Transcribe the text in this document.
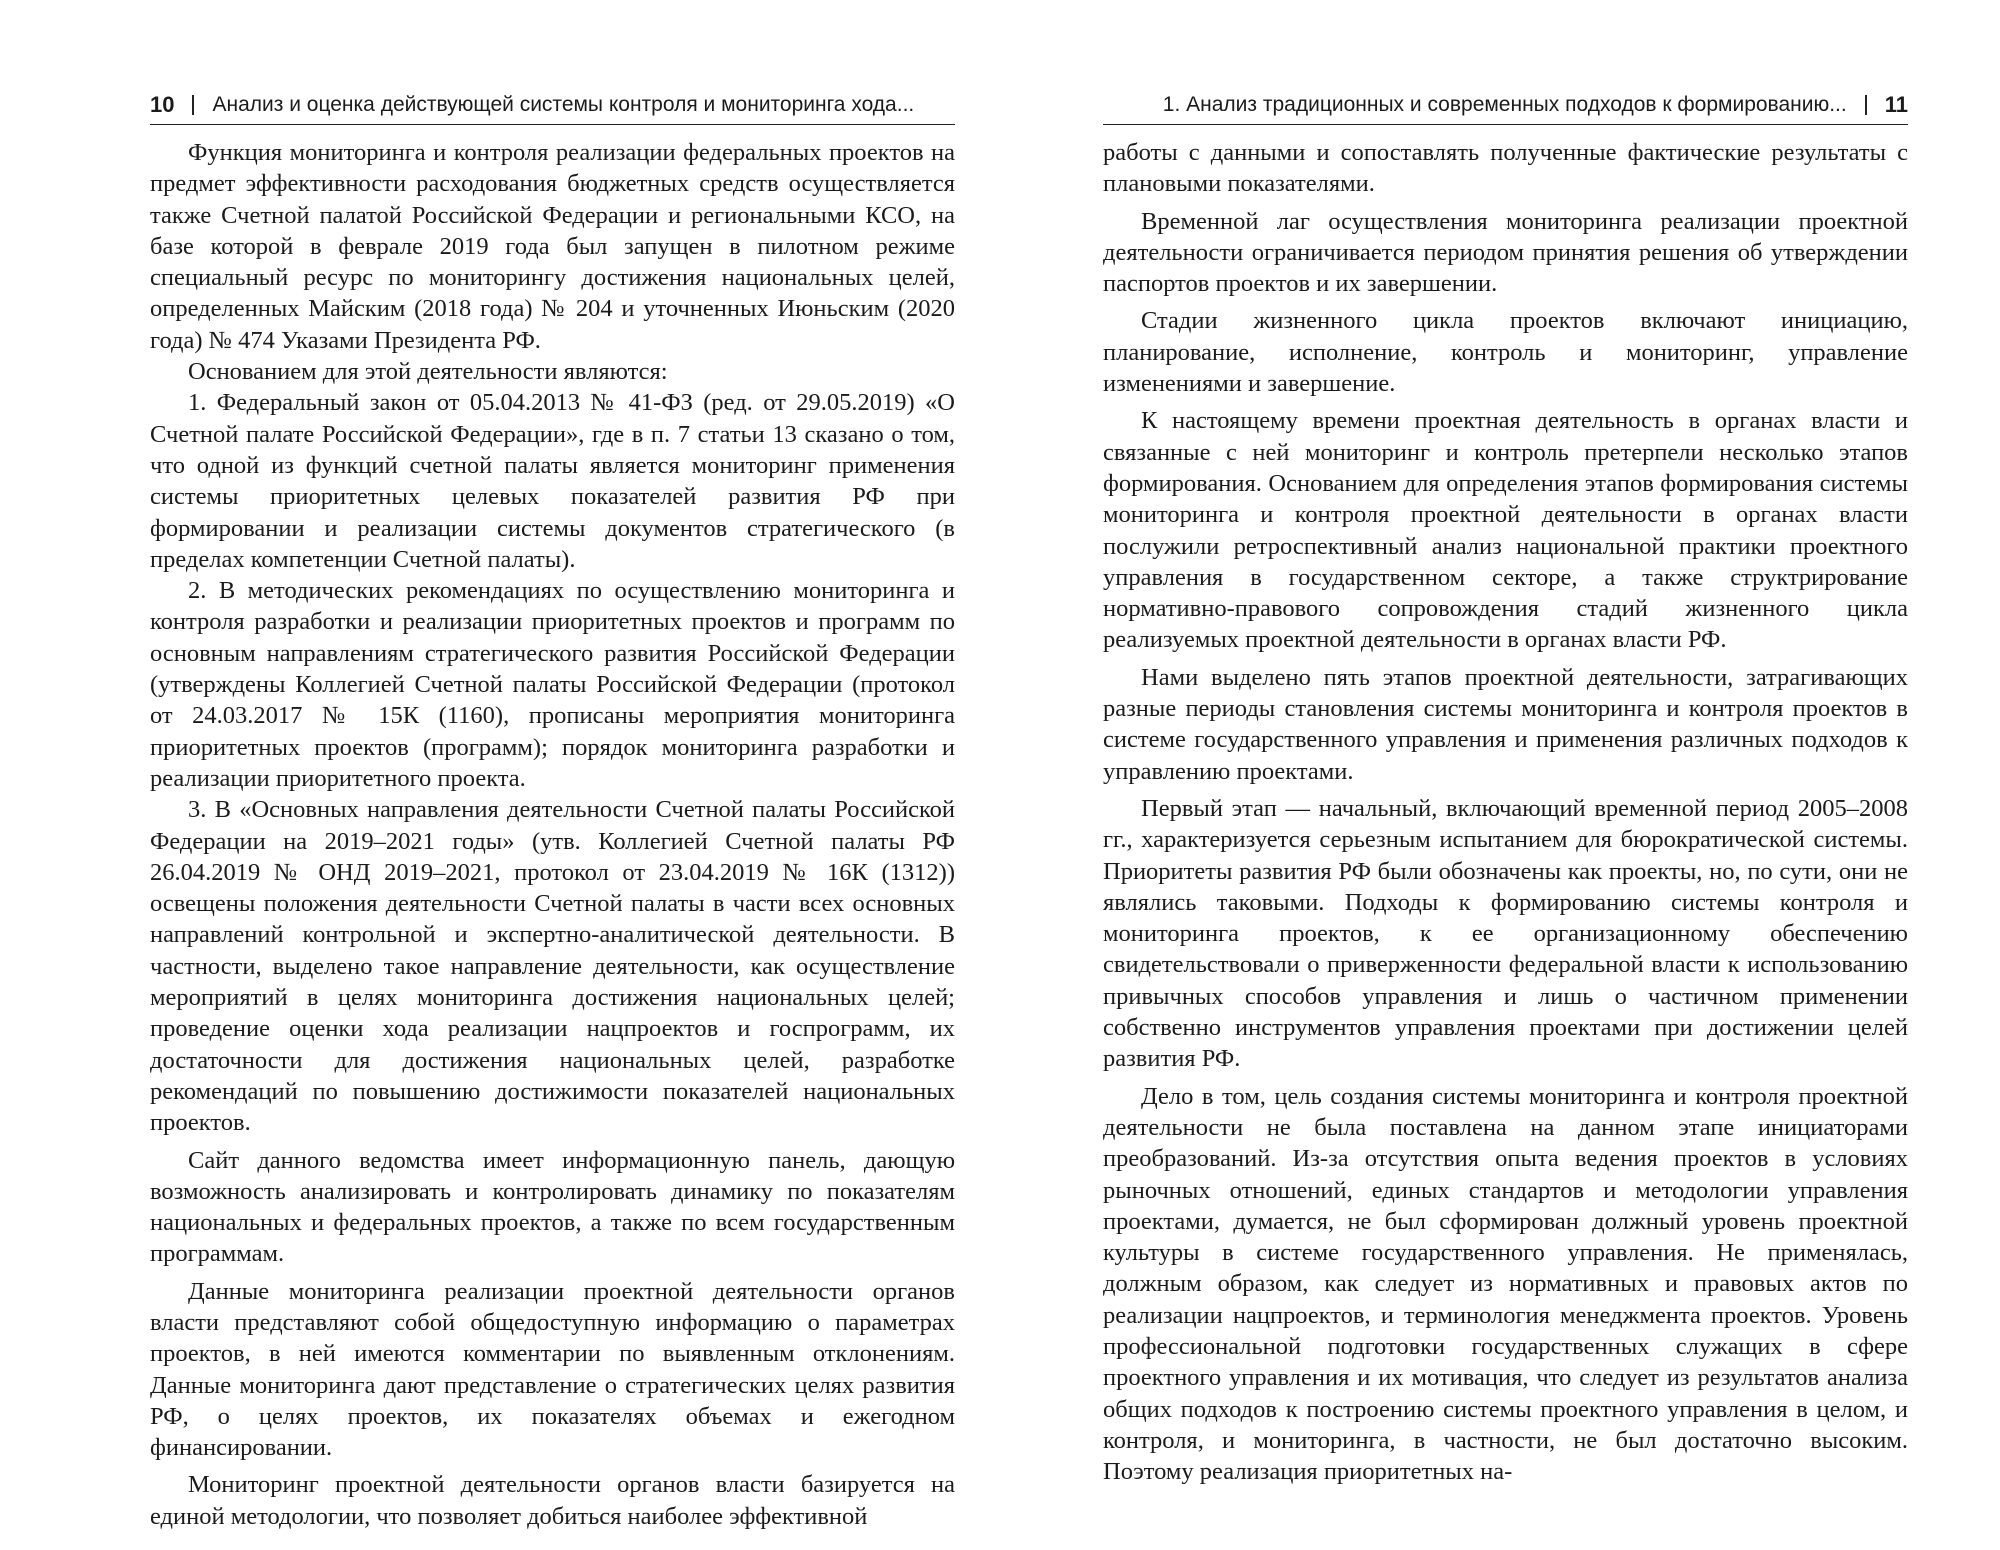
10 Анализ и оценка действующей системы контроля и мониторинга хода...

Функция мониторинга и контроля реализации федеральных проектов на предмет эффективности расходования бюджетных средств осуществляется также Счетной палатой Российской Федерации и региональными КСО, на базе которой в феврале 2019 года был запущен в пилотном режиме специальный ресурс по мониторингу достижения национальных целей, определенных Майским (2018 года) № 204 и уточненных Июньским (2020 года) № 474 Указами Президента РФ.

Основанием для этой деятельности являются:

1. Федеральный закон от 05.04.2013 № 41-ФЗ (ред. от 29.05.2019) «О Счетной палате Российской Федерации», где в п. 7 статьи 13 сказано о том, что одной из функций счетной палаты является мониторинг применения системы приоритетных целевых показателей развития РФ при формировании и реализации системы документов стратегического (в пределах компетенции Счетной палаты).

2. В методических рекомендациях по осуществлению мониторинга и контроля разработки и реализации приоритетных проектов и программ по основным направлениям стратегического развития Российской Федерации (утверждены Коллегией Счетной палаты Российской Федерации (протокол от 24.03.2017 № 15К (1160), прописаны мероприятия мониторинга приоритетных проектов (программ); порядок мониторинга разработки и реализации приоритетного проекта.

3. В «Основных направления деятельности Счетной палаты Российской Федерации на 2019–2021 годы» (утв. Коллегией Счетной палаты РФ 26.04.2019 № ОНД 2019–2021, протокол от 23.04.2019 № 16К (1312)) освещены положения деятельности Счетной палаты в части всех основных направлений контрольной и экспертно-аналитической деятельности. В частности, выделено такое направление деятельности, как осуществление мероприятий в целях мониторинга достижения национальных целей; проведение оценки хода реализации нацпроектов и госпрограмм, их достаточности для достижения национальных целей, разработке рекомендаций по повышению достижимости показателей национальных проектов.

Сайт данного ведомства имеет информационную панель, дающую возможность анализировать и контролировать динамику по показателям национальных и федеральных проектов, а также по всем государственным программам.

Данные мониторинга реализации проектной деятельности органов власти представляют собой общедоступную информацию о параметрах проектов, в ней имеются комментарии по выявленным отклонениям. Данные мониторинга дают представление о стратегических целях развития РФ, о целях проектов, их показателях объемах и ежегодном финансировании.

Мониторинг проектной деятельности органов власти базируется на единой методологии, что позволяет добиться наиболее эффективной

1. Анализ традиционных и современных подходов к формированию... 11

работы с данными и сопоставлять полученные фактические результаты с плановыми показателями.

Временной лаг осуществления мониторинга реализации проектной деятельности ограничивается периодом принятия решения об утверждении паспортов проектов и их завершении.

Стадии жизненного цикла проектов включают инициацию, планирование, исполнение, контроль и мониторинг, управление изменениями и завершение.

К настоящему времени проектная деятельность в органах власти и связанные с ней мониторинг и контроль претерпели несколько этапов формирования. Основанием для определения этапов формирования системы мониторинга и контроля проектной деятельности в органах власти послужили ретроспективный анализ национальной практики проектного управления в государственном секторе, а также структрирование нормативно-правового сопровождения стадий жизненного цикла реализуемых проектной деятельности в органах власти РФ.

Нами выделено пять этапов проектной деятельности, затрагивающих разные периоды становления системы мониторинга и контроля проектов в системе государственного управления и применения различных подходов к управлению проектами.

Первый этап — начальный, включающий временной период 2005–2008 гг., характеризуется серьезным испытанием для бюрократической системы. Приоритеты развития РФ были обозначены как проекты, но, по сути, они не являлись таковыми. Подходы к формированию системы контроля и мониторинга проектов, к ее организационному обеспечению свидетельствовали о приверженности федеральной власти к использованию привычных способов управления и лишь о частичном применении собственно инструментов управления проектами при достижении целей развития РФ.

Дело в том, цель создания системы мониторинга и контроля проектной деятельности не была поставлена на данном этапе инициаторами преобразований. Из-за отсутствия опыта ведения проектов в условиях рыночных отношений, единых стандартов и методологии управления проектами, думается, не был сформирован должный уровень проектной культуры в системе государственного управления. Не применялась, должным образом, как следует из нормативных и правовых актов по реализации нацпроектов, и терминология менеджмента проектов. Уровень профессиональной подготовки государственных служащих в сфере проектного управления и их мотивация, что следует из результатов анализа общих подходов к построению системы проектного управления в целом, и контроля, и мониторинга, в частности, не был достаточно высоким. Поэтому реализация приоритетных на-
